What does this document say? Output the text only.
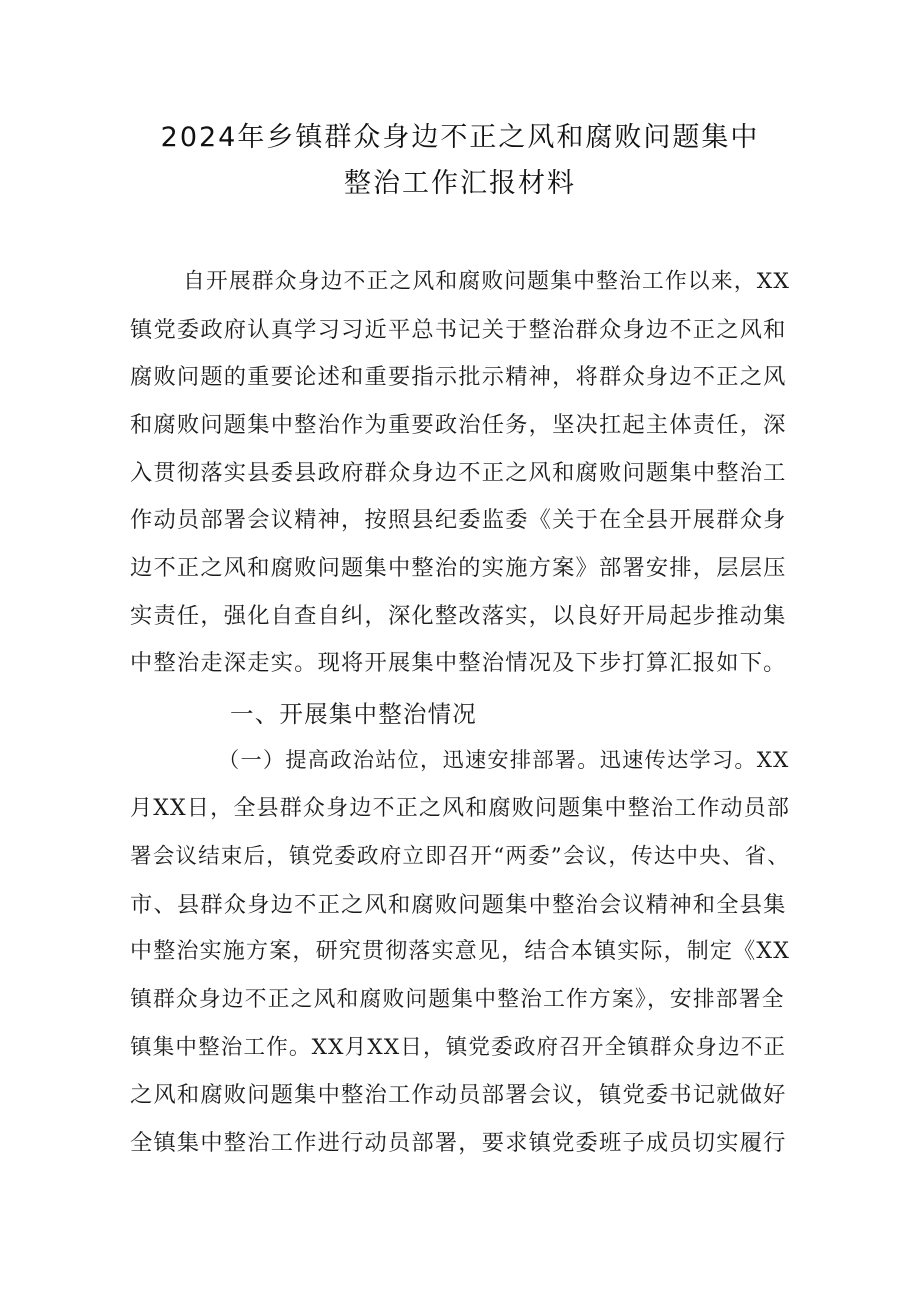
2024年乡镇群众身边不正之风和腐败问题集中
整治工作汇报材料
自开展群众身边不正之风和腐败问题集中整治工作以来，XX
镇党委政府认真学习习近平总书记关于整治群众身边不正之风和
腐败问题的重要论述和重要指示批示精神，将群众身边不正之风
和腐败问题集中整治作为重要政治任务，坚决扛起主体责任，深
入贯彻落实县委县政府群众身边不正之风和腐败问题集中整治工
作动员部署会议精神，按照县纪委监委《关于在全县开展群众身
边不正之风和腐败问题集中整治的实施方案》部署安排，层层压
实责任，强化自查自纠，深化整改落实，以良好开局起步推动集
中整治走深走实。现将开展集中整治情况及下步打算汇报如下。
一、开展集中整治情况
（一）提高政治站位，迅速安排部署。迅速传达学习。XX
月XX日，全县群众身边不正之风和腐败问题集中整治工作动员部
署会议结束后，镇党委政府立即召开“两委”会议，传达中央、省、
市、县群众身边不正之风和腐败问题集中整治会议精神和全县集
中整治实施方案，研究贯彻落实意见，结合本镇实际，制定《XX
镇群众身边不正之风和腐败问题集中整治工作方案》，安排部署全
镇集中整治工作。XX月XX日，镇党委政府召开全镇群众身边不正
之风和腐败问题集中整治工作动员部署会议，镇党委书记就做好
全镇集中整治工作进行动员部署，要求镇党委班子成员切实履行
